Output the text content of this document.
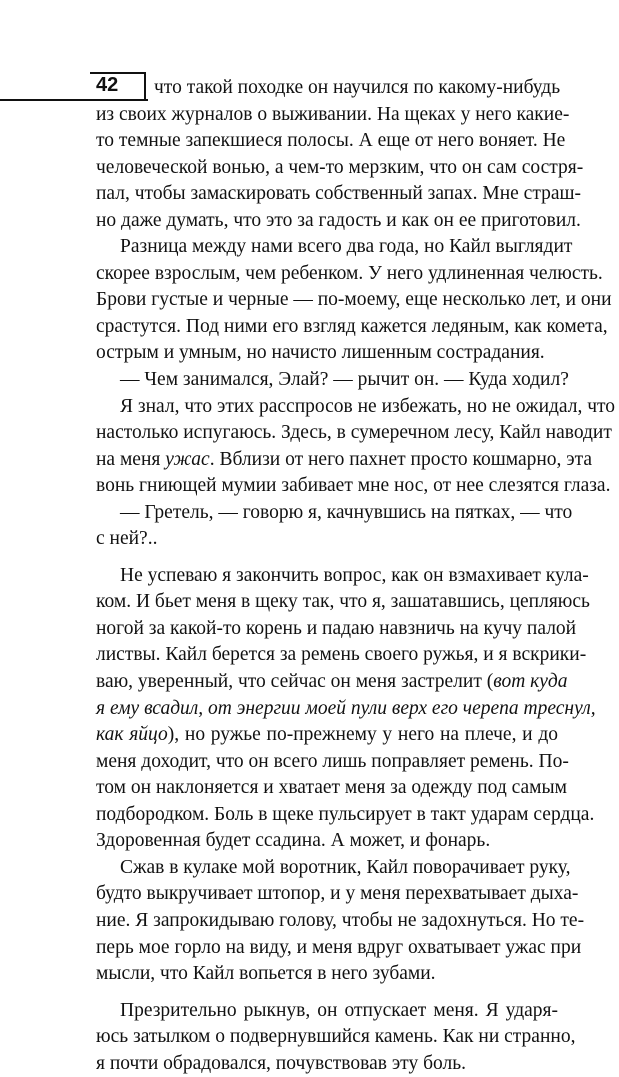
42	что такой походке он научился по какому-нибудь
из своих журналов о выживании. На щеках у него какие-
то темные запекшиеся полосы. А еще от него воняет. Не
человеческой вонью, а чем-то мерзким, что он сам состря-
пал, чтобы замаскировать собственный запах. Мне страш-
но даже думать, что это за гадость и как он ее приготовил.
Разница между нами всего два года, но Кайл выглядит
скорее взрослым, чем ребенком. У него удлиненная челюсть.
Брови густые и черные — по-моему, еще несколько лет, и они
срастутся. Под ними его взгляд кажется ледяным, как комета,
острым и умным, но начисто лишенным сострадания.
— Чем занимался, Элай? — рычит он. — Куда ходил?
Я знал, что этих расспросов не избежать, но не ожидал, что
настолько испугаюсь. Здесь, в сумеречном лесу, Кайл наводит
на меня ужас. Вблизи от него пахнет просто кошмарно, эта
вонь гниющей мумии забивает мне нос, от нее слезятся глаза.
— Гретель, — говорю я, качнувшись на пятках, — что
с ней?..
Не успеваю я закончить вопрос, как он взмахивает кула-
ком. И бьет меня в щеку так, что я, зашатавшись, цепляюсь
ногой за какой-то корень и падаю навзничь на кучу палой
листвы. Кайл берется за ремень своего ружья, и я вскрики-
ваю, уверенный, что сейчас он меня застрелит (вот куда
я ему всадил, от энергии моей пули верх его черепа треснул,
как яйцо), но ружье по-прежнему у него на плече, и до
меня доходит, что он всего лишь поправляет ремень. По-
том он наклоняется и хватает меня за одежду под самым
подбородком. Боль в щеке пульсирует в такт ударам сердца.
Здоровенная будет ссадина. А может, и фонарь.
Сжав в кулаке мой воротник, Кайл поворачивает руку,
будто выкручивает штопор, и у меня перехватывает дыха-
ние. Я запрокидываю голову, чтобы не задохнуться. Но те-
перь мое горло на виду, и меня вдруг охватывает ужас при
мысли, что Кайл вопьется в него зубами.
Презрительно рыкнув, он отпускает меня. Я ударя-
юсь затылком о подвернувшийся камень. Как ни странно,
я почти обрадовался, почувствовав эту боль.
